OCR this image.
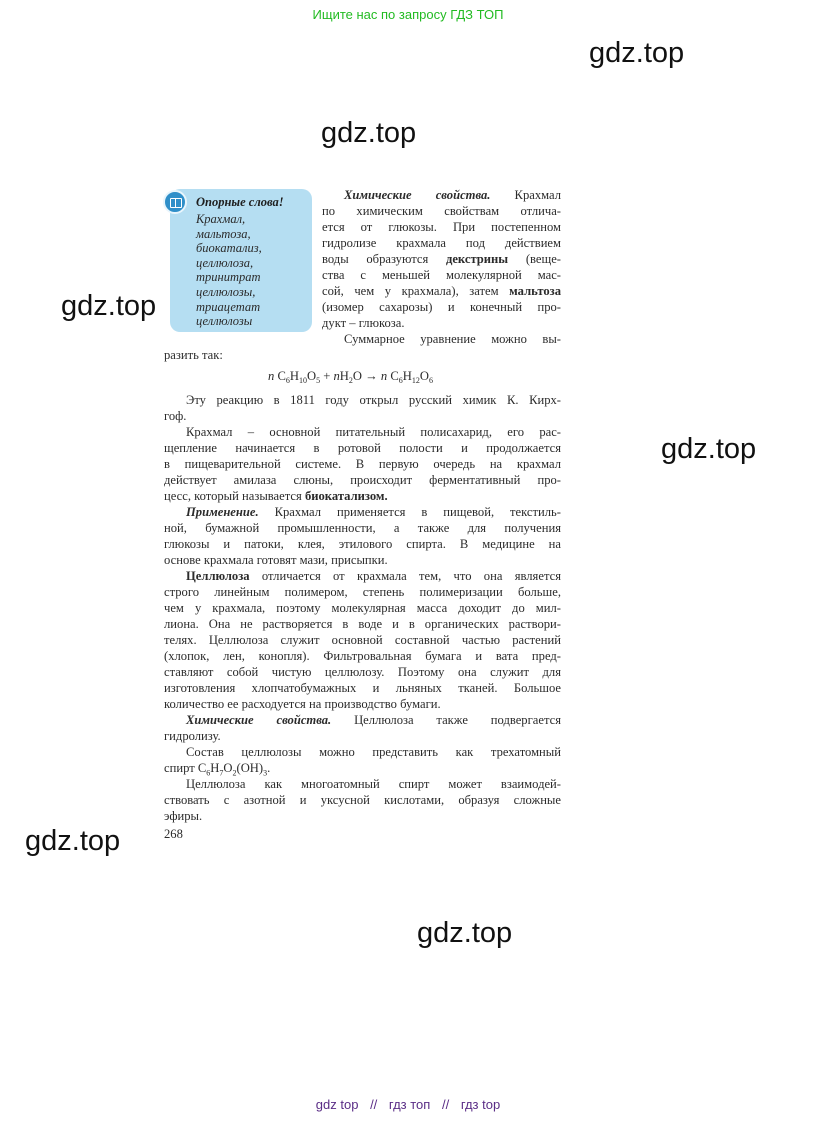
Ищите нас по запросу ГДЗ ТОП
gdz.top
gdz.top
gdz.top
gdz.top
gdz.top
gdz.top
Опорные слова!
Крахмал,
мальтоза,
биокатализ,
целлюлоза,
тринитрат
целлюлозы,
триацетат
целлюлозы
Химические свойства. Крахмал
по химическим свойствам отлича-
ется от глюкозы. При постепенном
гидролизе крахмала под действием
воды образуются декстрины (веще-
ства с меньшей молекулярной мас-
сой, чем у крахмала), затем мальтоза
(изомер сахарозы) и конечный про-
дукт – глюкоза.
Суммарное уравнение можно вы-
разить так:
n $C_6H_{10}O_5 + nH_2O \to n$ $C_6H_{12}O_6$
Эту реакцию в 1811 году открыл русский химик К. Кирх-
гоф.
Крахмал – основной питательный полисахарид, его рас-
щепление начинается в ротовой полости и продолжается
в пищеварительной системе. В первую очередь на крахмал
действует амилаза слюны, происходит ферментативный про-
цесс, который называется биокатализом.
Применение. Крахмал применяется в пищевой, текстиль-
ной, бумажной промышленности, а также для получения
глюкозы и патоки, клея, этилового спирта. В медицине на
основе крахмала готовят мази, присыпки.
Целлюлоза отличается от крахмала тем, что она является
строго линейным полимером, степень полимеризации больше,
чем у крахмала, поэтому молекулярная масса доходит до мил-
лиона. Она не растворяется в воде и в органических раствори-
телях. Целлюлоза служит основной составной частью растений
(хлопок, лен, конопля). Фильтровальная бумага и вата пред-
ставляют собой чистую целлюлозу. Поэтому она служит для
изготовления хлопчатобумажных и льняных тканей. Большое
количество ее расходуется на производство бумаги.
Химические свойства. Целлюлоза также подвергается
гидролизу.
Состав целлюлозы можно представить как трехатомный
спирт $C_6H_7O_2(OH)_3$.
Целлюлоза как многоатомный спирт может взаимодей-
ствовать с азотной и уксусной кислотами, образуя сложные
эфиры.
268
gdz top // гдз топ // гдз top
